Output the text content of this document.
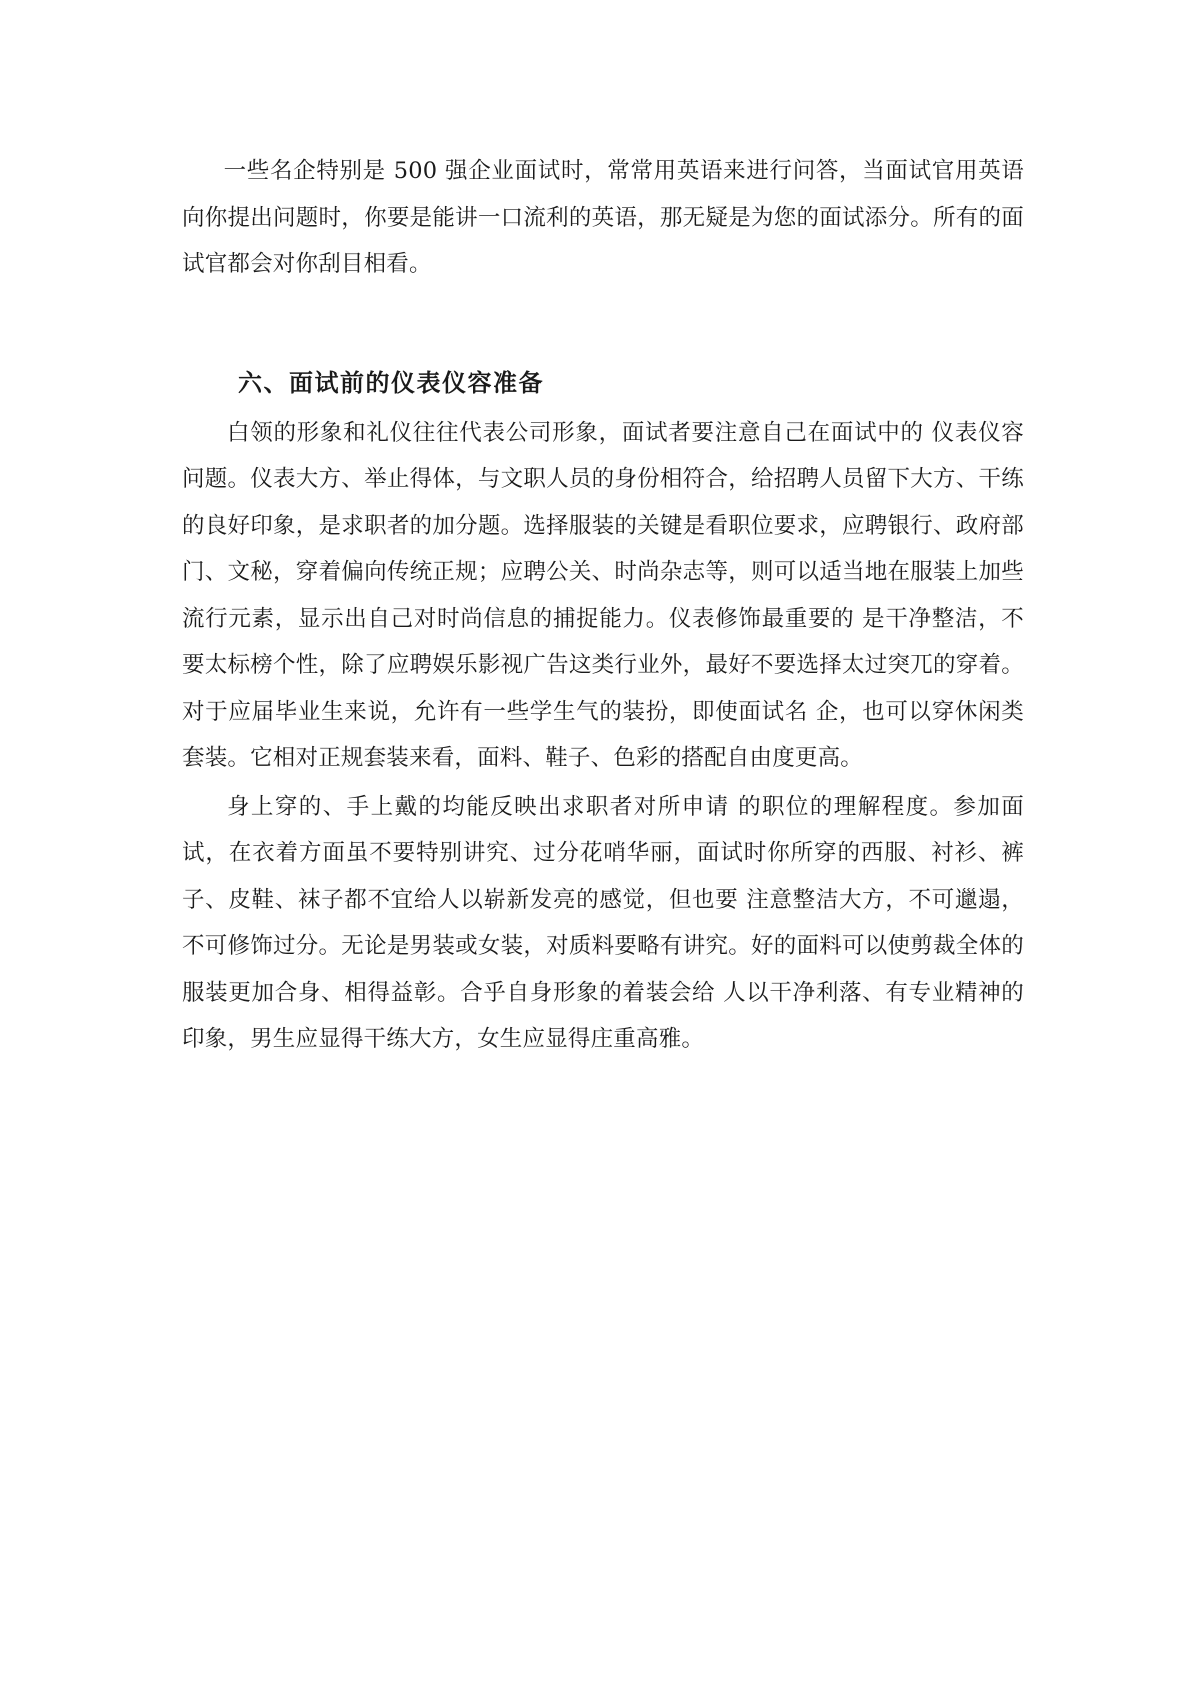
一些名企特别是 500 强企业面试时，常常用英语来进行问答，当面试官用英语向你提出问题时，你要是能讲一口流利的英语，那无疑是为您的面试添分。所有的面试官都会对你刮目相看。

六、面试前的仪表仪容准备

白领的形象和礼仪往往代表公司形象，面试者要注意自己在面试中的 仪表仪容问题。仪表大方、举止得体，与文职人员的身份相符合，给招聘人员留下大方、干练的良好印象，是求职者的加分题。选择服装的关键是看职位要求，应聘银行、政府部门、文秘，穿着偏向传统正规；应聘公关、时尚杂志等，则可以适当地在服装上加些流行元素，显示出自己对时尚信息的捕捉能力。仪表修饰最重要的 是干净整洁，不要太标榜个性，除了应聘娱乐影视广告这类行业外，最好不要选择太过突兀的穿着。对于应届毕业生来说，允许有一些学生气的装扮，即使面试名 企，也可以穿休闲类套装。它相对正规套装来看，面料、鞋子、色彩的搭配自由度更高。

身上穿的、手上戴的均能反映出求职者对所申请 的职位的理解程度。参加面试，在衣着方面虽不要特别讲究、过分花哨华丽，面试时你所穿的西服、衬衫、裤子、皮鞋、袜子都不宜给人以崭新发亮的感觉，但也要 注意整洁大方，不可邋遢，不可修饰过分。无论是男装或女装，对质料要略有讲究。好的面料可以使剪裁全体的服装更加合身、相得益彰。合乎自身形象的着装会给 人以干净利落、有专业精神的印象，男生应显得干练大方，女生应显得庄重高雅。
